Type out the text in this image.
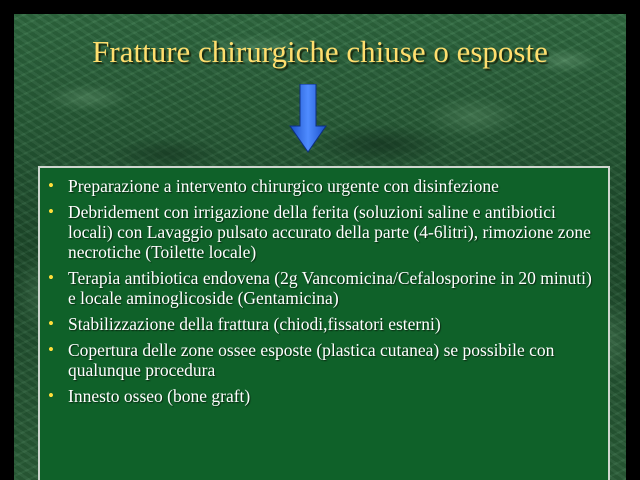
Fratture chirurgiche chiuse o esposte
• Preparazione a intervento chirurgico urgente con disinfezione
• Debridement con irrigazione della ferita (soluzioni saline e antibiotici locali) con Lavaggio pulsato accurato della parte (4-6litri), rimozione zone necrotiche (Toilette locale)
• Terapia antibiotica endovena (2g Vancomicina/Cefalosporine in 20 minuti) e locale aminoglicoside (Gentamicina)
• Stabilizzazione della frattura (chiodi,fissatori esterni)
• Copertura delle zone ossee esposte (plastica cutanea) se possibile con qualunque procedura
• Innesto osseo (bone graft)
